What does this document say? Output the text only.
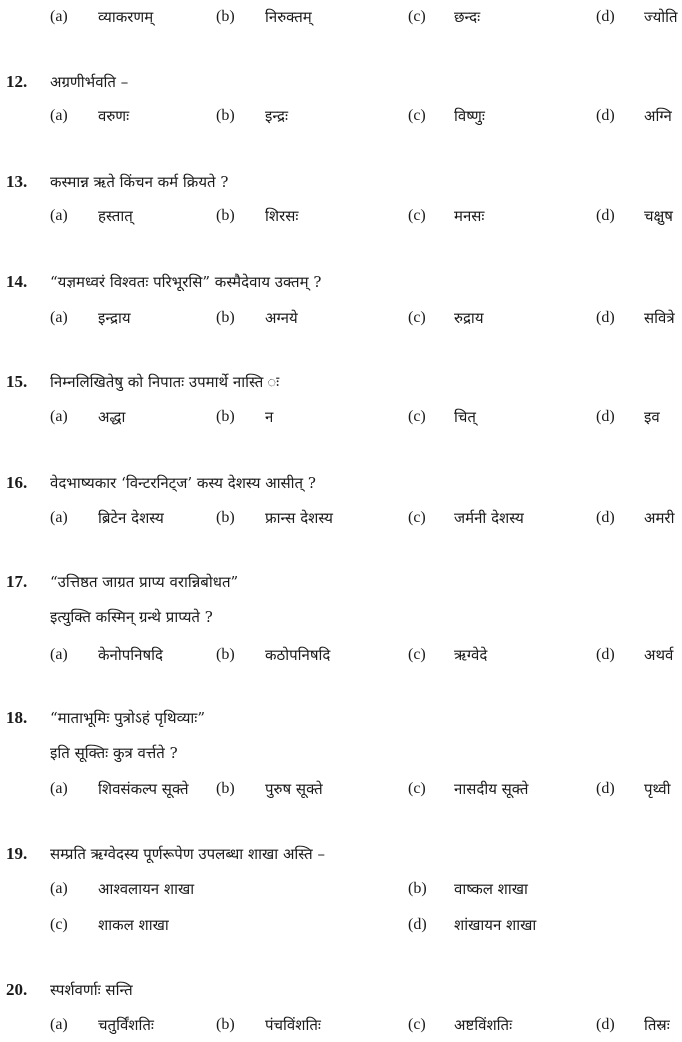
(a) व्याकरणम्	(b) निरुक्तम्	(c) छन्दः	(d) ज्योति
12. अग्रणीर्भवति –
(a) वरुणः	(b) इन्द्रः	(c) विष्णुः	(d) अग्नि
13. कस्मान्न ऋते किंचन कर्म क्रियते ?
(a) हस्तात्	(b) शिरसः	(c) मनसः	(d) चक्षुष
14. “यज्ञमध्वरं विश्वतः परिभूरसि” कस्मैदेवाय उक्तम् ?
(a) इन्द्राय	(b) अग्नये	(c) रुद्राय	(d) सवित्रे
15. निम्नलिखितेषु को निपातः उपमार्थे नास्ति ः
(a) अद्धा	(b) न	(c) चित्	(d) इव
16. वेदभाष्यकार ‘विन्टरनिट्ज’ कस्य देशस्य आसीत् ?
(a) ब्रिटेन देशस्य	(b) फ्रान्स देशस्य	(c) जर्मनी देशस्य	(d) अमरी
17. “उत्तिष्ठत जाग्रत प्राप्य वरान्निबोधत”
इत्युक्ति कस्मिन् ग्रन्थे प्राप्यते ?
(a) केनोपनिषदि	(b) कठोपनिषदि	(c) ऋग्वेदे	(d) अथर्व
18. “माताभूमिः पुत्रोऽहं पृथिव्याः”
इति सूक्तिः कुत्र वर्त्तते ?
(a) शिवसंकल्प सूक्ते (b) पुरुष सूक्ते	(c) नासदीय सूक्ते	(d) पृथ्वी
19. सम्प्रति ऋग्वेदस्य पूर्णरूपेण उपलब्धा शाखा अस्ति –
(a) आश्वलायन शाखा	(b) वाष्कल शाखा
(c) शाकल शाखा	(d) शांखायन शाखा
20. स्पर्शवर्णाः सन्ति
(a) चतुर्विंशतिः	(b) पंचविंशतिः	(c) अष्टविंशतिः	(d) तिस्रः
